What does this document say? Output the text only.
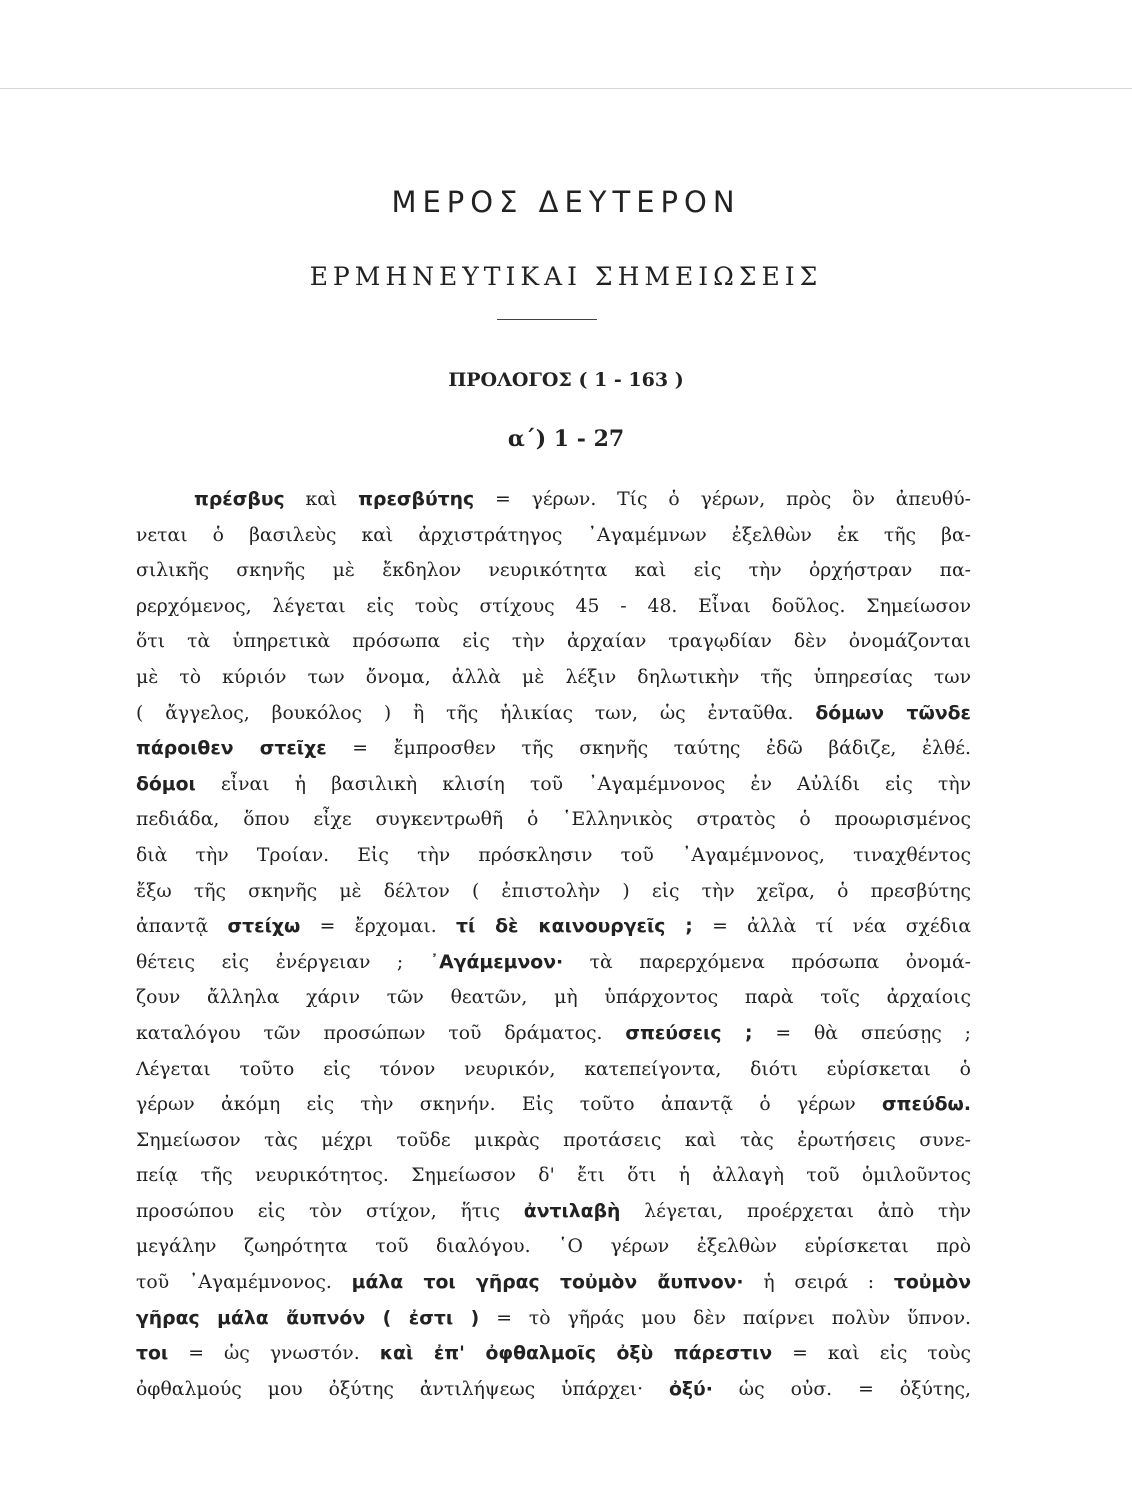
ΜΕΡΟΣ ΔΕΥΤΕΡΟΝ
ΕΡΜΗΝΕΥΤΙΚΑΙ ΣΗΜΕΙΩΣΕΙΣ
ΠΡΟΛΟΓΟΣ ( 1 - 163 )
α΄) 1 - 27
πρέσβυς καὶ πρεσβύτης = γέρων. Τίς ὁ γέρων, πρὸς ὃν ἀπευθύ-
νεται ὁ βασιλεὺς καὶ ἀρχιστράτηγος ᾿Αγαμέμνων ἐξελθὼν ἐκ τῆς βα-
σιλικῆς σκηνῆς μὲ ἔκδηλον νευρικότητα καὶ εἰς τὴν ὀρχήστραν πα-
ρερχόμενος, λέγεται εἰς τοὺς στίχους 45 - 48. Εἶναι δοῦλος. Σημείωσον
ὅτι τὰ ὑπηρετικὰ πρόσωπα εἰς τὴν ἀρχαίαν τραγῳδίαν δὲν ὀνομάζονται
μὲ τὸ κύριόν των ὄνομα, ἀλλὰ μὲ λέξιν δηλωτικὴν τῆς ὑπηρεσίας των
( ἄγγελος, βουκόλος ) ἢ τῆς ἡλικίας των, ὡς ἐνταῦθα. δόμων τῶνδε
πάροιθεν στεῖχε = ἔμπροσθεν τῆς σκηνῆς ταύτης ἐδῶ βάδιζε, ἐλθέ.
δόμοι εἶναι ἡ βασιλικὴ κλισίη τοῦ ᾿Αγαμέμνονος ἐν Αὐλίδι εἰς τὴν
πεδιάδα, ὅπου εἶχε συγκεντρωθῆ ὁ ῾Ελληνικὸς στρατὸς ὁ προωρισμένος
διὰ τὴν Τροίαν. Εἰς τὴν πρόσκλησιν τοῦ ᾿Αγαμέμνονος, τιναχθέντος
ἔξω τῆς σκηνῆς μὲ δέλτον ( ἐπιστολὴν ) εἰς τὴν χεῖρα, ὁ πρεσβύτης
ἀπαντᾷ στείχω = ἔρχομαι. τί δὲ καινουργεῖς ; = ἀλλὰ τί νέα σχέδια
θέτεις εἰς ἐνέργειαν ; ᾿Αγάμεμνον· τὰ παρερχόμενα πρόσωπα ὀνομά-
ζουν ἄλληλα χάριν τῶν θεατῶν, μὴ ὑπάρχοντος παρὰ τοῖς ἀρχαίοις
καταλόγου τῶν προσώπων τοῦ δράματος. σπεύσεις ; = θὰ σπεύσῃς ;
Λέγεται τοῦτο εἰς τόνον νευρικόν, κατεπείγοντα, διότι εὑρίσκεται ὁ
γέρων ἀκόμη εἰς τὴν σκηνήν. Εἰς τοῦτο ἀπαντᾷ ὁ γέρων σπεύδω.
Σημείωσον τὰς μέχρι τοῦδε μικρὰς προτάσεις καὶ τὰς ἐρωτήσεις συνε-
πείᾳ τῆς νευρικότητος. Σημείωσον δ' ἔτι ὅτι ἡ ἀλλαγὴ τοῦ ὁμιλοῦντος
προσώπου εἰς τὸν στίχον, ἥτις ἀντιλαβὴ λέγεται, προέρχεται ἀπὸ τὴν
μεγάλην ζωηρότητα τοῦ διαλόγου. ῾Ο γέρων ἐξελθὼν εὑρίσκεται πρὸ
τοῦ ᾿Αγαμέμνονος. μάλα τοι γῆρας τοὐμὸν ἄυπνον· ἡ σειρά : τοὐμὸν
γῆρας μάλα ἄυπνόν ( ἐστι ) = τὸ γῆράς μου δὲν παίρνει πολὺν ὕπνον.
τοι = ὡς γνωστόν. καὶ ἐπ' ὀφθαλμοῖς ὀξὺ πάρεστιν = καὶ εἰς τοὺς
ὀφθαλμούς μου ὀξύτης ἀντιλήψεως ὑπάρχει· ὀξύ· ὡς οὐσ. = ὀξύτης,
